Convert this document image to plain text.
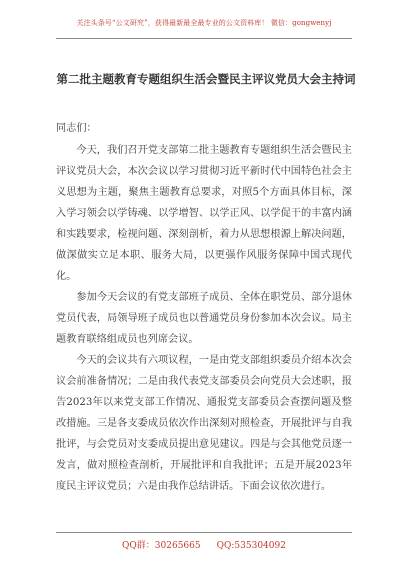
关注头条号“公文研究”，获得最新最全最专业的公文资料库！ 微信：gongwenyj
第二批主题教育专题组织生活会暨民主评议党员大会主持词

同志们：

今天，我们召开党支部第二批主题教育专题组织生活会暨民主评议党员大会，本次会议以学习贯彻习近平新时代中国特色社会主义思想为主题，聚焦主题教育总要求，对照5个方面具体目标，深入学习领会以学铸魂、以学增智、以学正风、以学促干的丰富内涵和实践要求，检视问题、深刻剖析，着力从思想根源上解决问题，做深做实立足本职、服务大局，以更强作风服务保障中国式现代化。

参加今天会议的有党支部班子成员、全体在职党员、部分退休党员代表，局领导班子成员也以普通党员身份参加本次会议。局主题教育联络组成员也列席会议。

今天的会议共有六项议程，一是由党支部组织委员介绍本次会议会前准备情况；二是由我代表党支部委员会向党员大会述职，报告2023年以来党支部工作情况、通报党支部委员会查摆问题及整改措施。三是各支委成员依次作出深刻对照检查，开展批评与自我批评，与会党员对支委成员提出意见建议。四是与会其他党员逐一发言，做对照检查剖析，开展批评和自我批评；五是开展2023年度民主评议党员；六是由我作总结讲话。下面会议依次进行。

QQ群：30265665 QQ:535304092
